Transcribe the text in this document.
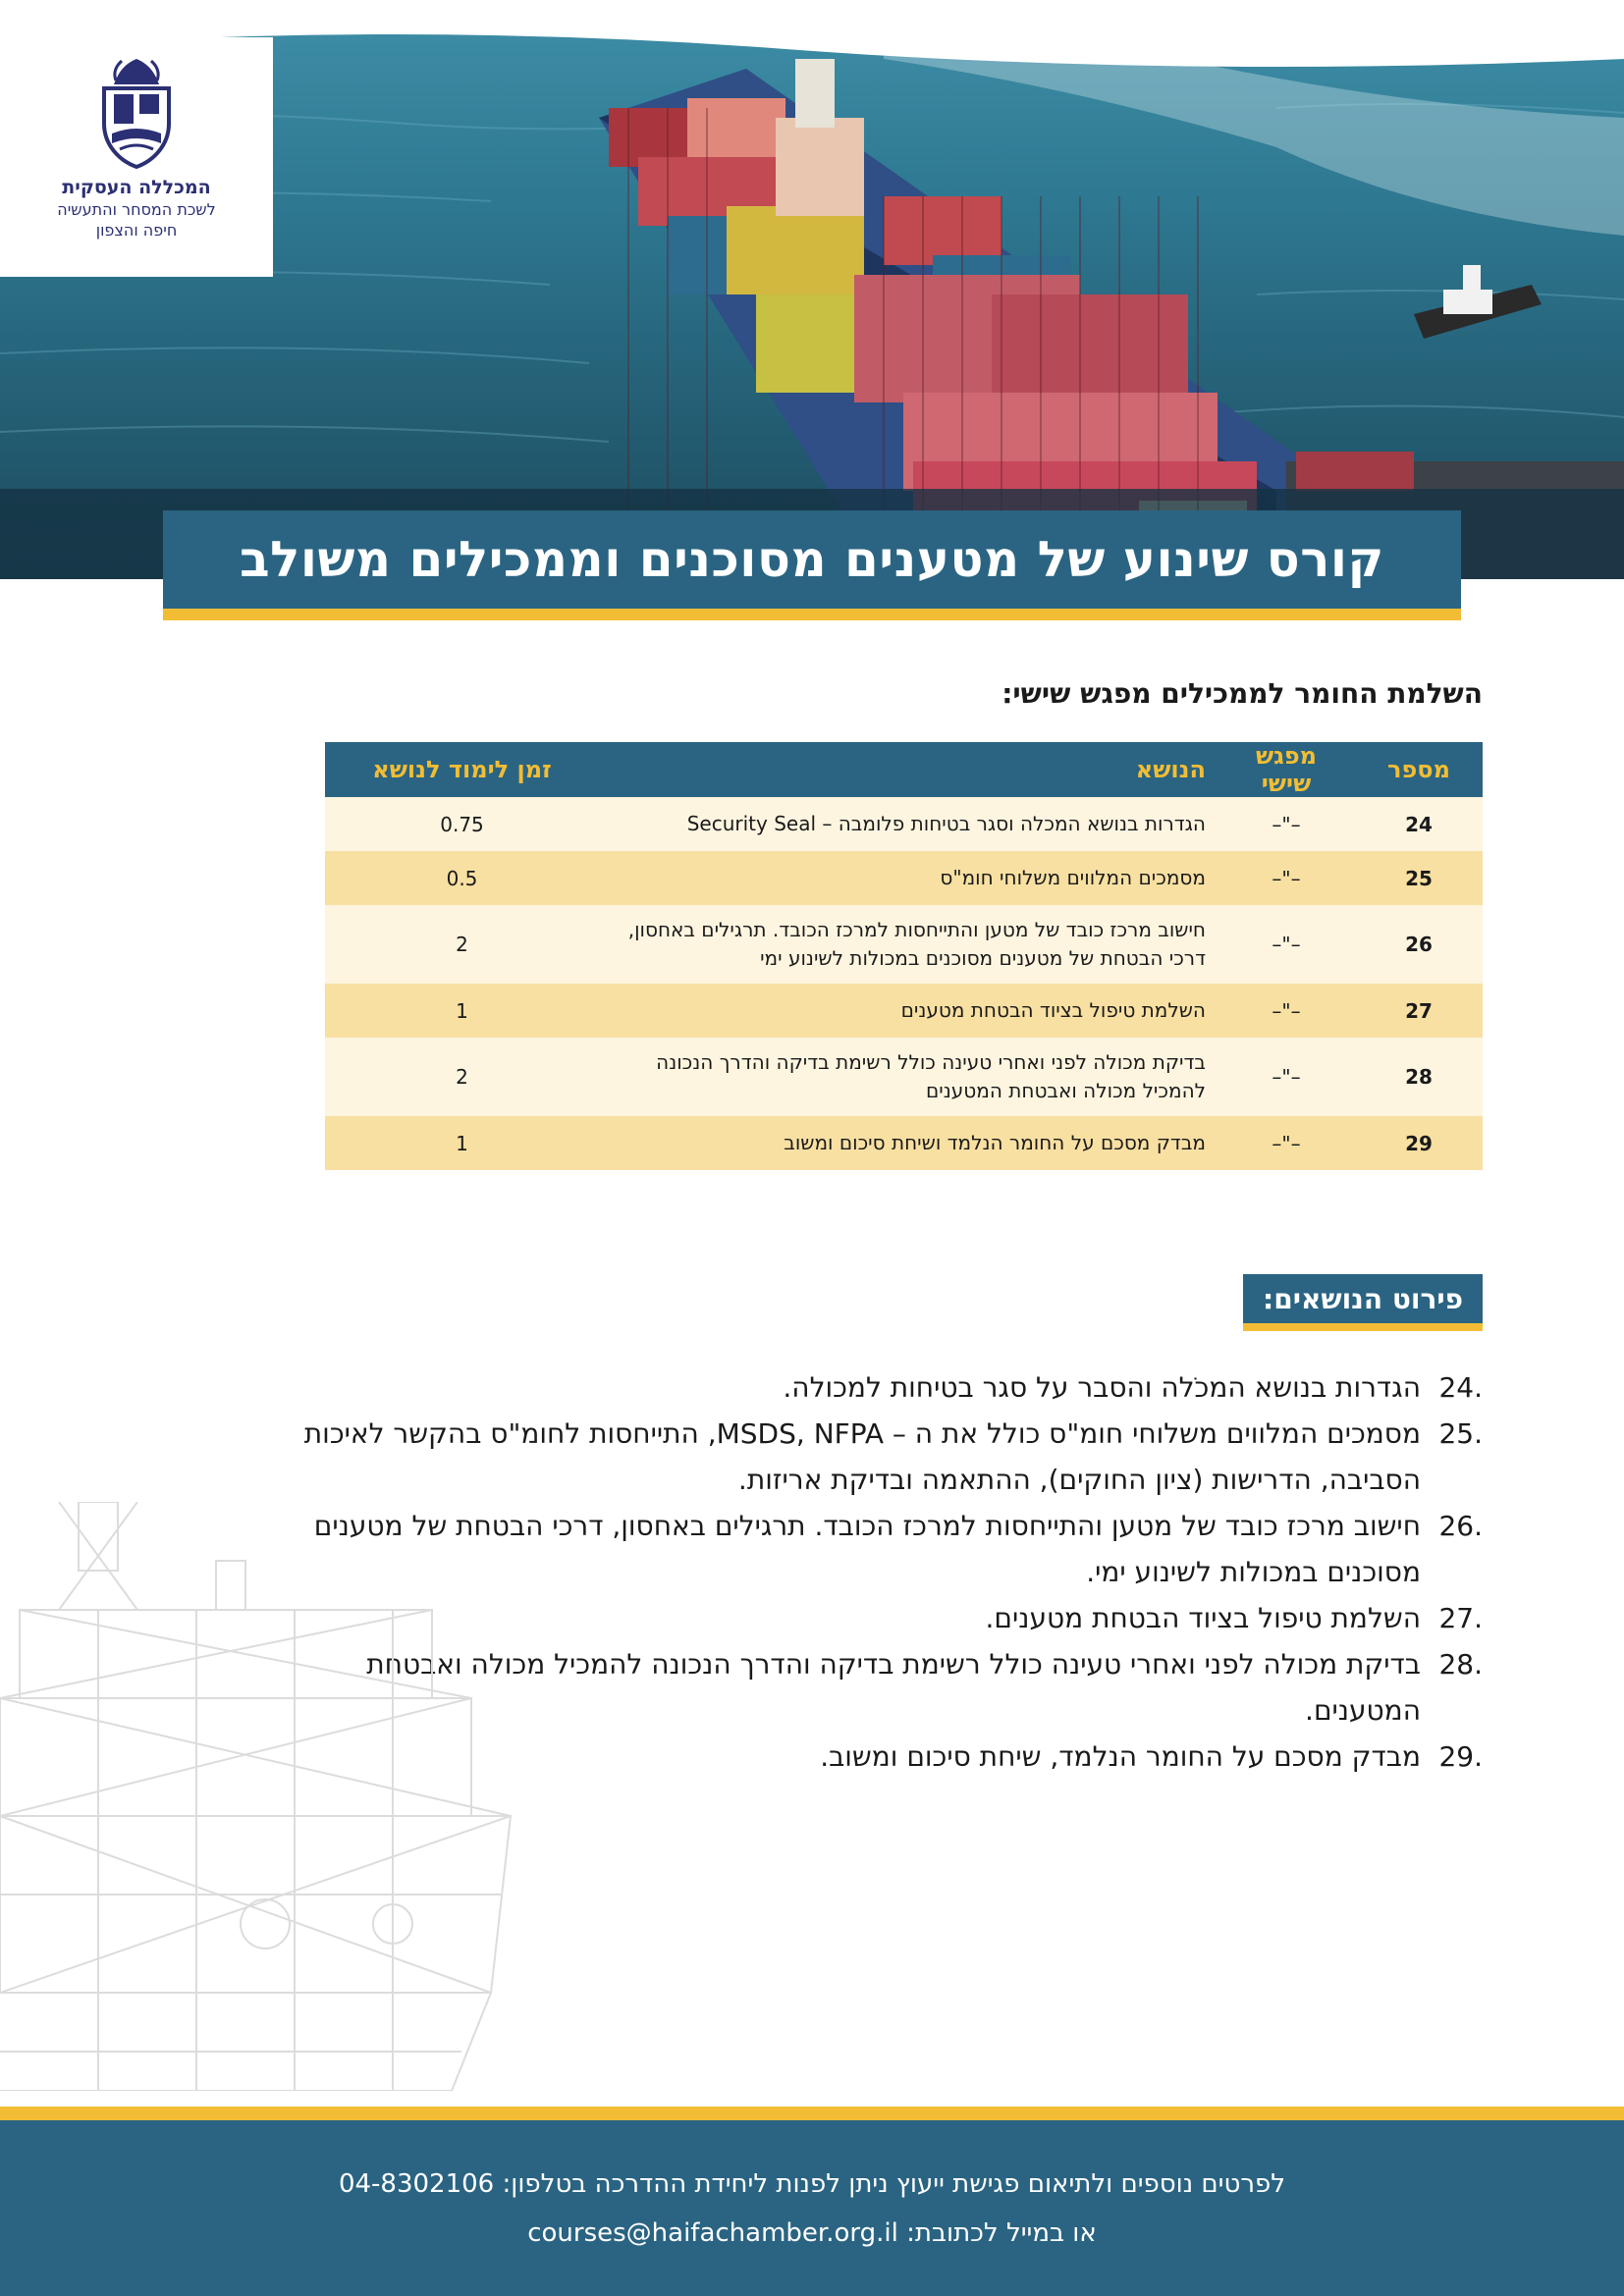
המכללה העסקית
לשכת המסחר והתעשיה
חיפה והצפון
קורס שינוע של מטענים מסוכנים וממכילים משולב
השלמת החומר לממכילים מפגש שישי:
מספר	מפגש שישי	הנושא	זמן לימוד לנושא
24	–"–	הגדרות בנושא המכלה וסגר בטיחות פלומבה – Security Seal	0.75
25	–"–	מסמכים המלווים משלוחי חומ"ס	0.5
26	–"–	חישוב מרכז כובד של מטען והתייחסות למרכז הכובד. תרגילים באחסון, דרכי הבטחת של מטענים מסוכנים במכולות לשינוע ימי	2
27	–"–	השלמת טיפול בציוד הבטחת מטענים	1
28	–"–	בדיקת מכולה לפני ואחרי טעינה כולל רשימת בדיקה והדרך הנכונה להמכיל מכולה ואבטחת המטענים	2
29	–"–	מבדק מסכם על החומר הנלמד ושיחת סיכום ומשוב	1
פירוט הנושאים:
24.
הגדרות בנושא המכֹלה והסבר על סגר בטיחות למכולה.
25.
מסמכים המלווים משלוחי חומ"ס כולל את ה – MSDS, NFPA, התייחסות לחומ"ס בהקשר לאיכות הסביבה, הדרישות (ציון החוקים), ההתאמה ובדיקת אריזות.
26.
חישוב מרכז כובד של מטען והתייחסות למרכז הכובד. תרגילים באחסון, דרכי הבטחת של מטענים מסוכנים במכולות לשינוע ימי.
27.
השלמת טיפול בציוד הבטחת מטענים.
28.
בדיקת מכולה לפני ואחרי טעינה כולל רשימת בדיקה והדרך הנכונה להמכיל מכולה ואבטחת המטענים.
29.
מבדק מסכם על החומר הנלמד, שיחת סיכום ומשוב.
לפרטים נוספים ולתיאום פגישת ייעוץ ניתן לפנות ליחידת ההדרכה בטלפון: 04-8302106
או במייל לכתובת: courses@haifachamber.org.il
